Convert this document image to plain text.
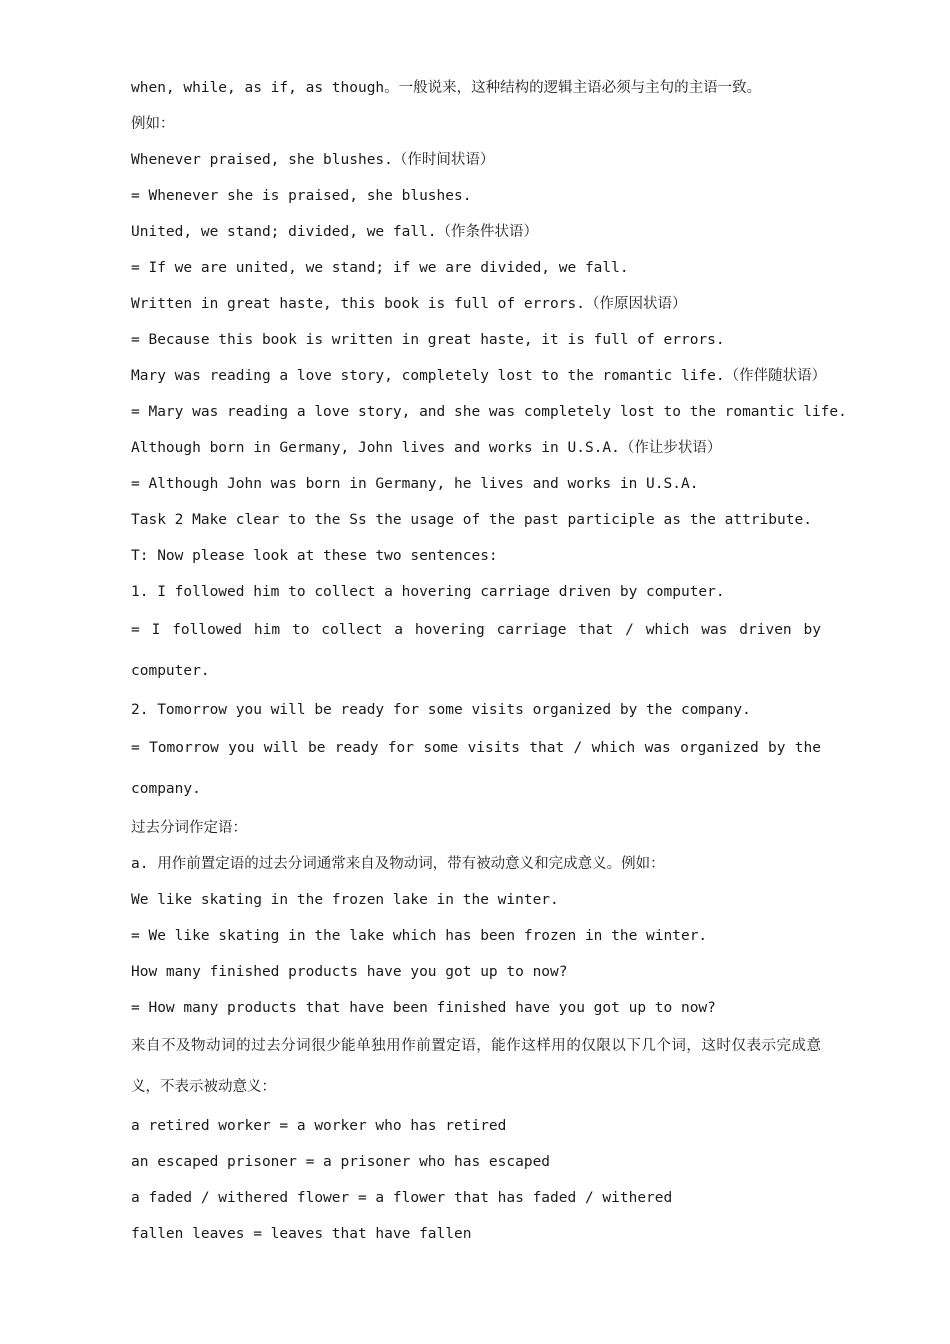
when, while, as if, as though。一般说来，这种结构的逻辑主语必须与主句的主语一致。

例如：

Whenever praised, she blushes.（作时间状语）

= Whenever she is praised, she blushes.

United, we stand; divided, we fall.（作条件状语）

= If we are united, we stand; if we are divided, we fall.

Written in great haste, this book is full of errors.（作原因状语）

= Because this book is written in great haste, it is full of errors.

Mary was reading a love story, completely lost to the romantic life.（作伴随状语）

= Mary was reading a love story, and she was completely lost to the romantic life.

Although born in Germany, John lives and works in U.S.A.（作让步状语）

= Although John was born in Germany, he lives and works in U.S.A.

Task 2 Make clear to the Ss the usage of the past participle as the attribute.

T: Now please look at these two sentences:

1. I followed him to collect a hovering carriage driven by computer.

= I followed him to collect a hovering carriage that / which was driven by computer.

2. Tomorrow you will be ready for some visits organized by the company.

= Tomorrow you will be ready for some visits that / which was organized by the company.

过去分词作定语：

a. 用作前置定语的过去分词通常来自及物动词，带有被动意义和完成意义。例如：

We like skating in the frozen lake in the winter.

= We like skating in the lake which has been frozen in the winter.

How many finished products have you got up to now?

= How many products that have been finished have you got up to now?

来自不及物动词的过去分词很少能单独用作前置定语，能作这样用的仅限以下几个词，这时仅表示完成意义，不表示被动意义：

a retired worker = a worker who has retired

an escaped prisoner = a prisoner who has escaped

a faded / withered flower = a flower that has faded / withered

fallen leaves = leaves that have fallen
